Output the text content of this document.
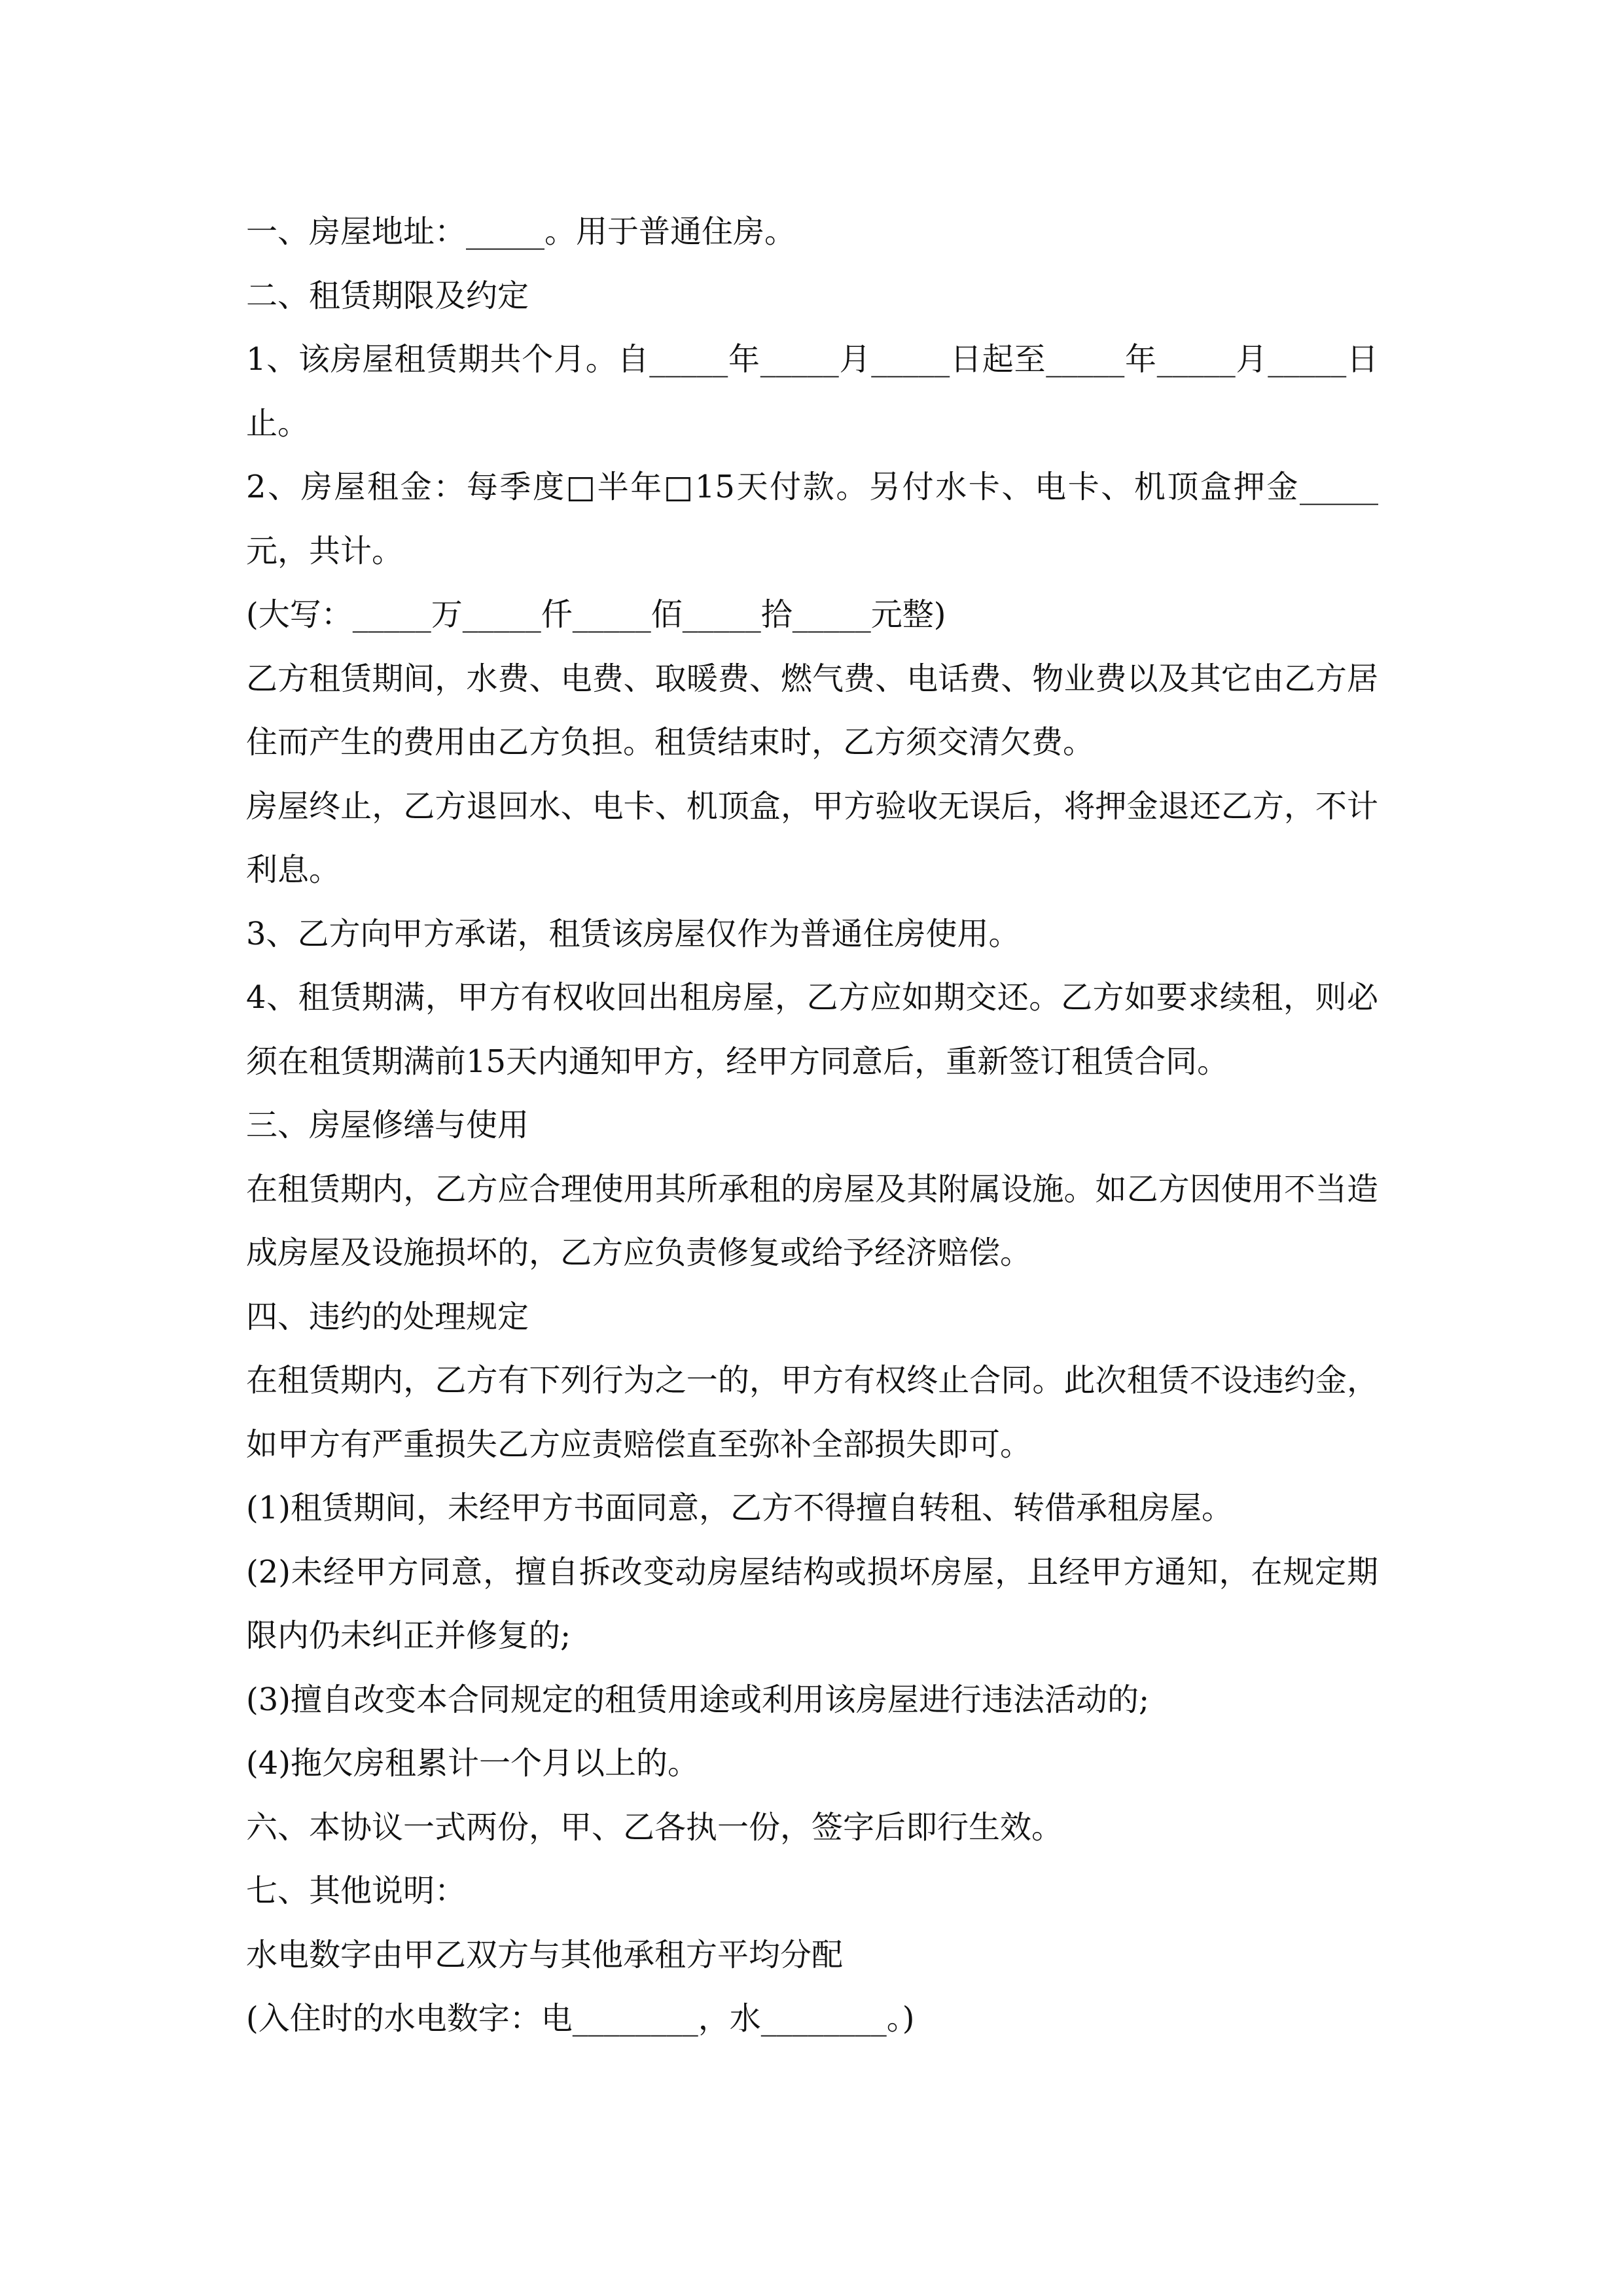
一、房屋地址：_____。用于普通住房。

二、租赁期限及约定

1、该房屋租赁期共个月。自_____年_____月_____日起至_____年_____月_____日止。

2、房屋租金：每季度□半年□15天付款。另付水卡、电卡、机顶盒押金_____元，共计。

(大写：_____万_____仟_____佰_____拾_____元整)

乙方租赁期间，水费、电费、取暖费、燃气费、电话费、物业费以及其它由乙方居住而产生的费用由乙方负担。租赁结束时，乙方须交清欠费。

房屋终止，乙方退回水、电卡、机顶盒，甲方验收无误后，将押金退还乙方，不计利息。

3、乙方向甲方承诺，租赁该房屋仅作为普通住房使用。

4、租赁期满，甲方有权收回出租房屋，乙方应如期交还。乙方如要求续租，则必须在租赁期满前15天内通知甲方，经甲方同意后，重新签订租赁合同。

三、房屋修缮与使用

在租赁期内，乙方应合理使用其所承租的房屋及其附属设施。如乙方因使用不当造成房屋及设施损坏的，乙方应负责修复或给予经济赔偿。

四、违约的处理规定

在租赁期内，乙方有下列行为之一的，甲方有权终止合同。此次租赁不设违约金，如甲方有严重损失乙方应责赔偿直至弥补全部损失即可。

(1)租赁期间，未经甲方书面同意，乙方不得擅自转租、转借承租房屋。

(2)未经甲方同意，擅自拆改变动房屋结构或损坏房屋，且经甲方通知，在规定期限内仍未纠正并修复的;

(3)擅自改变本合同规定的租赁用途或利用该房屋进行违法活动的;

(4)拖欠房租累计一个月以上的。

六、本协议一式两份，甲、乙各执一份，签字后即行生效。

七、其他说明：

水电数字由甲乙双方与其他承租方平均分配

(入住时的水电数字：电________，水________。)
